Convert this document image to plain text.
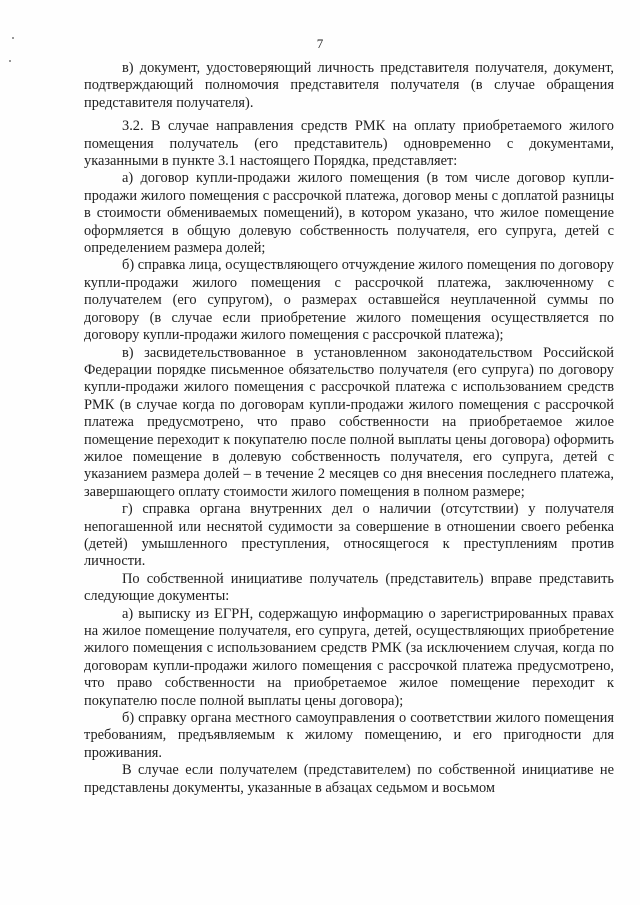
7

в) документ, удостоверяющий личность представителя получателя, документ, подтверждающий полномочия представителя получателя (в случае обращения представителя получателя).

3.2. В случае направления средств РМК на оплату приобретаемого жилого помещения получатель (его представитель) одновременно с документами, указанными в пункте 3.1 настоящего Порядка, представляет:

а) договор купли-продажи жилого помещения (в том числе договор купли-продажи жилого помещения с рассрочкой платежа, договор мены с доплатой разницы в стоимости обмениваемых помещений), в котором указано, что жилое помещение оформляется в общую долевую собственность получателя, его супруга, детей с определением размера долей;

б) справка лица, осуществляющего отчуждение жилого помещения по договору купли-продажи жилого помещения с рассрочкой платежа, заключенному с получателем (его супругом), о размерах оставшейся неуплаченной суммы по договору (в случае если приобретение жилого помещения осуществляется по договору купли-продажи жилого помещения с рассрочкой платежа);

в) засвидетельствованное в установленном законодательством Российской Федерации порядке письменное обязательство получателя (его супруга) по договору купли-продажи жилого помещения с рассрочкой платежа с использованием средств РМК (в случае когда по договорам купли-продажи жилого помещения с рассрочкой платежа предусмотрено, что право собственности на приобретаемое жилое помещение переходит к покупателю после полной выплаты цены договора) оформить жилое помещение в долевую собственность получателя, его супруга, детей с указанием размера долей – в течение 2 месяцев со дня внесения последнего платежа, завершающего оплату стоимости жилого помещения в полном размере;

г) справка органа внутренних дел о наличии (отсутствии) у получателя непогашенной или неснятой судимости за совершение в отношении своего ребенка (детей) умышленного преступления, относящегося к преступлениям против личности.

По собственной инициативе получатель (представитель) вправе представить следующие документы:

а) выписку из ЕГРН, содержащую информацию о зарегистрированных правах на жилое помещение получателя, его супруга, детей, осуществляющих приобретение жилого помещения с использованием средств РМК (за исключением случая, когда по договорам купли-продажи жилого помещения с рассрочкой платежа предусмотрено, что право собственности на приобретаемое жилое помещение переходит к покупателю после полной выплаты цены договора);

б) справку органа местного самоуправления о соответствии жилого помещения требованиям, предъявляемым к жилому помещению, и его пригодности для проживания.

В случае если получателем (представителем) по собственной инициативе не представлены документы, указанные в абзацах седьмом и восьмом
